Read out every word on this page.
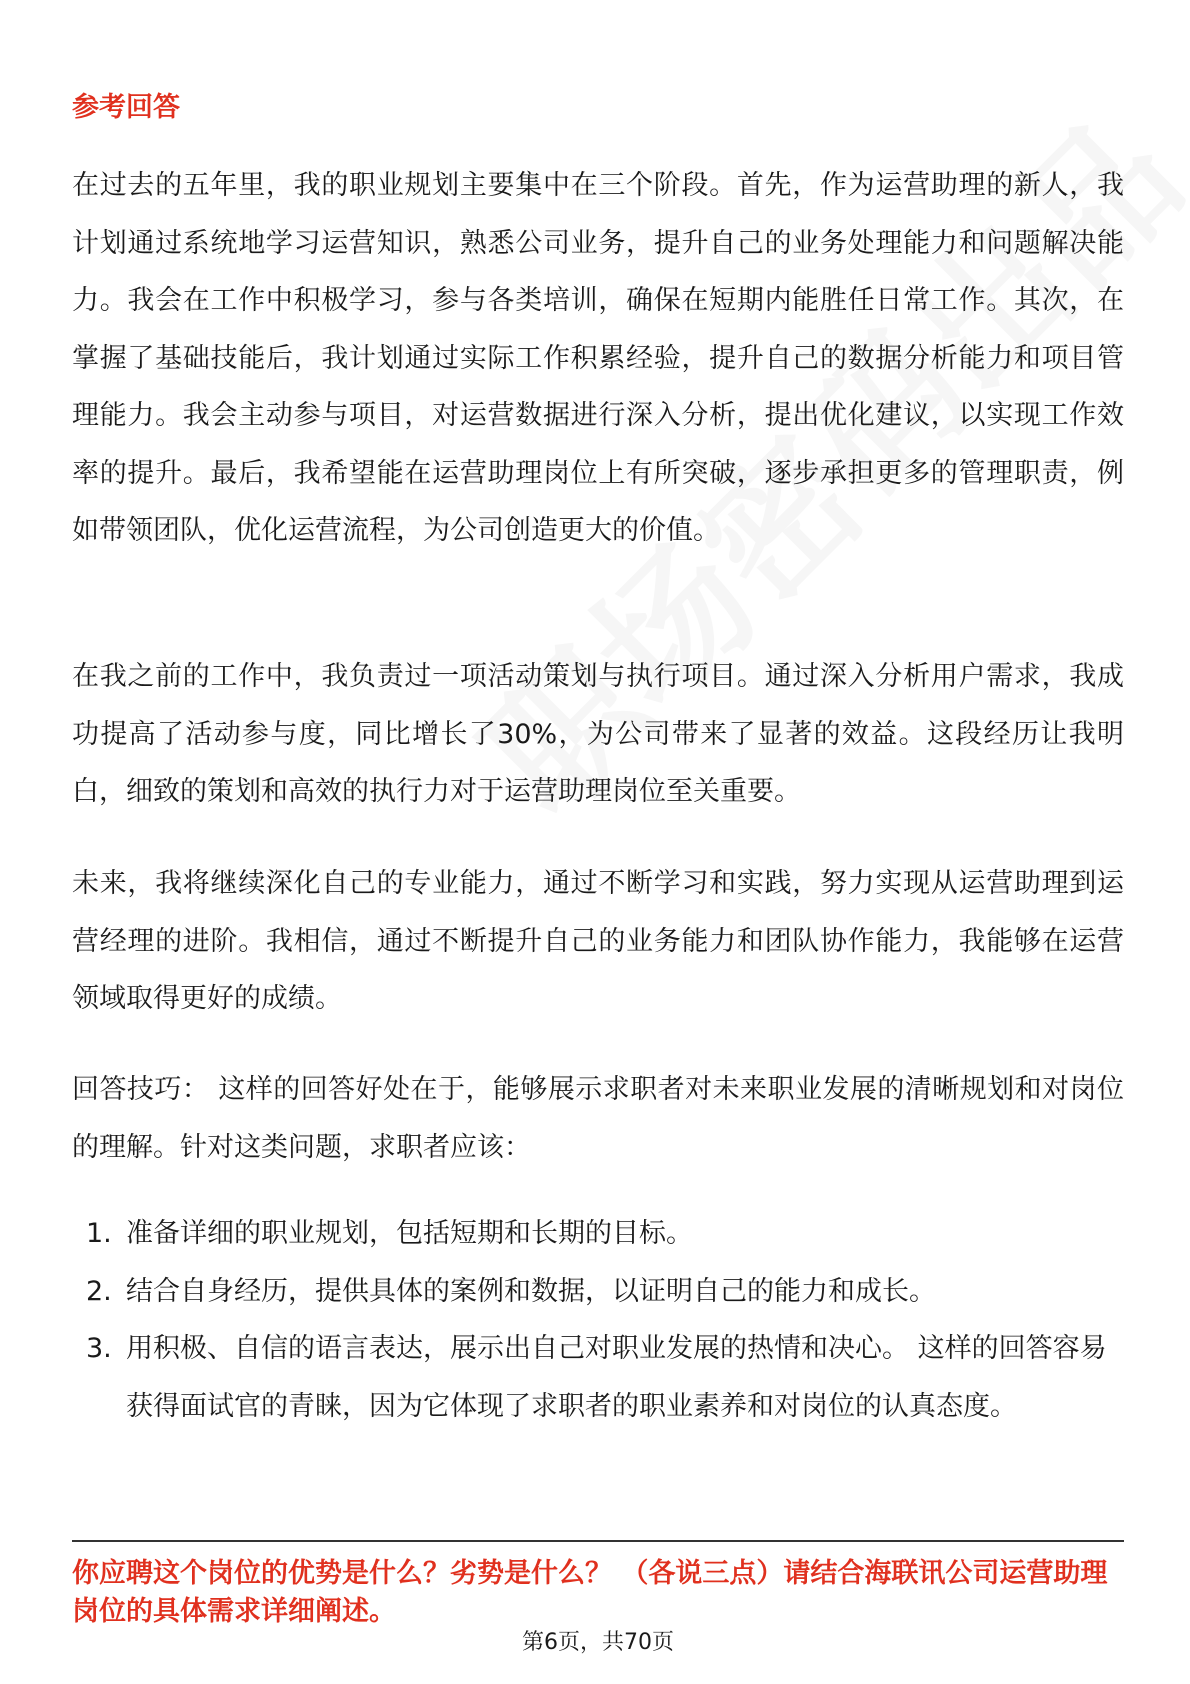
参考回答

在过去的五年里，我的职业规划主要集中在三个阶段。首先，作为运营助理的新人，我计划通过系统地学习运营知识，熟悉公司业务，提升自己的业务处理能力和问题解决能力。我会在工作中积极学习，参与各类培训，确保在短期内能胜任日常工作。其次，在掌握了基础技能后，我计划通过实际工作积累经验，提升自己的数据分析能力和项目管理能力。我会主动参与项目，对运营数据进行深入分析，提出优化建议，以实现工作效率的提升。最后，我希望能在运营助理岗位上有所突破，逐步承担更多的管理职责，例如带领团队，优化运营流程，为公司创造更大的价值。

在我之前的工作中，我负责过一项活动策划与执行项目。通过深入分析用户需求，我成功提高了活动参与度，同比增长了30%，为公司带来了显著的效益。这段经历让我明白，细致的策划和高效的执行力对于运营助理岗位至关重要。

未来，我将继续深化自己的专业能力，通过不断学习和实践，努力实现从运营助理到运营经理的进阶。我相信，通过不断提升自己的业务能力和团队协作能力，我能够在运营领域取得更好的成绩。

回答技巧： 这样的回答好处在于，能够展示求职者对未来职业发展的清晰规划和对岗位的理解。针对这类问题，求职者应该：

1. 准备详细的职业规划，包括短期和长期的目标。
2. 结合自身经历，提供具体的案例和数据，以证明自己的能力和成长。
3. 用积极、自信的语言表达，展示出自己对职业发展的热情和决心。 这样的回答容易获得面试官的青睐，因为它体现了求职者的职业素养和对岗位的认真态度。

你应聘这个岗位的优势是什么？劣势是什么？ （各说三点）请结合海联讯公司运营助理岗位的具体需求详细阐述。

第6页，共70页
